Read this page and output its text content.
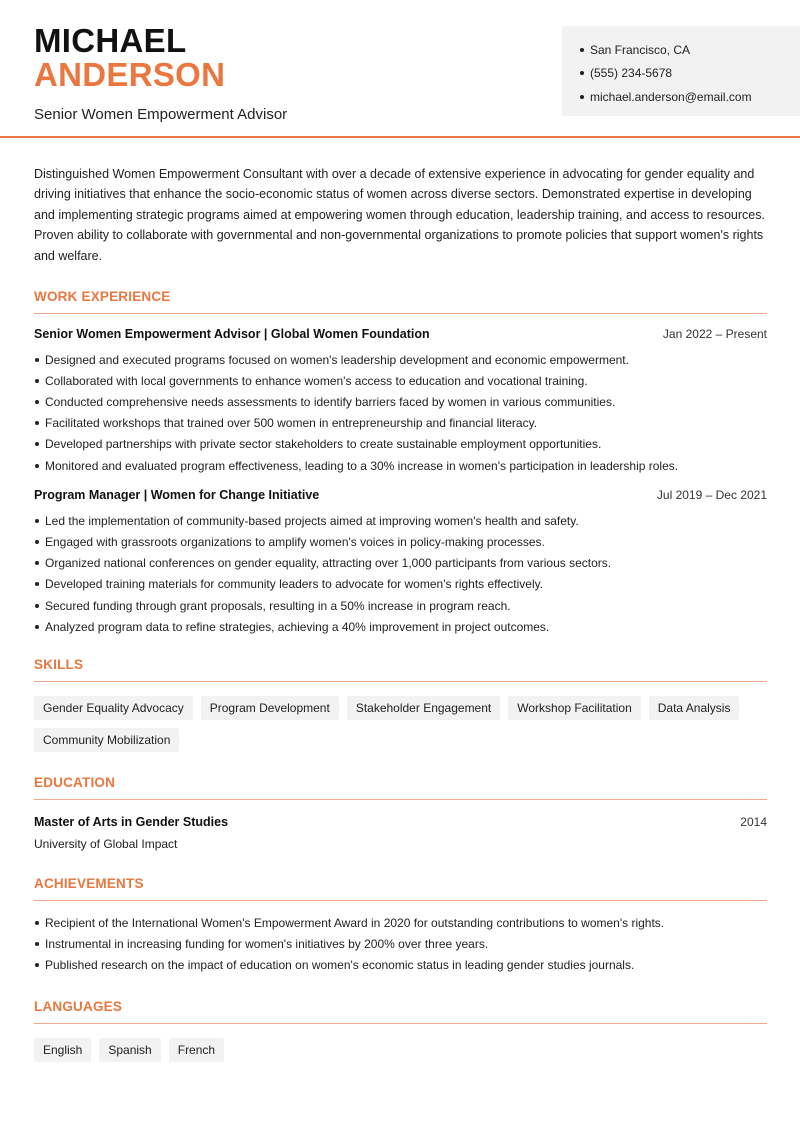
MICHAEL
ANDERSON
Senior Women Empowerment Advisor
San Francisco, CA
(555) 234-5678
michael.anderson@email.com

Distinguished Women Empowerment Consultant with over a decade of extensive experience in advocating for gender equality and driving initiatives that enhance the socio-economic status of women across diverse sectors. Demonstrated expertise in developing and implementing strategic programs aimed at empowering women through education, leadership training, and access to resources. Proven ability to collaborate with governmental and non-governmental organizations to promote policies that support women's rights and welfare.

WORK EXPERIENCE
Senior Women Empowerment Advisor | Global Women Foundation	Jan 2022 – Present
Designed and executed programs focused on women's leadership development and economic empowerment.
Collaborated with local governments to enhance women's access to education and vocational training.
Conducted comprehensive needs assessments to identify barriers faced by women in various communities.
Facilitated workshops that trained over 500 women in entrepreneurship and financial literacy.
Developed partnerships with private sector stakeholders to create sustainable employment opportunities.
Monitored and evaluated program effectiveness, leading to a 30% increase in women's participation in leadership roles.
Program Manager | Women for Change Initiative	Jul 2019 – Dec 2021
Led the implementation of community-based projects aimed at improving women's health and safety.
Engaged with grassroots organizations to amplify women's voices in policy-making processes.
Organized national conferences on gender equality, attracting over 1,000 participants from various sectors.
Developed training materials for community leaders to advocate for women's rights effectively.
Secured funding through grant proposals, resulting in a 50% increase in program reach.
Analyzed program data to refine strategies, achieving a 40% improvement in project outcomes.
SKILLS
Gender Equality Advocacy	Program Development	Stakeholder Engagement	Workshop Facilitation	Data Analysis
Community Mobilization
EDUCATION
Master of Arts in Gender Studies	2014
University of Global Impact
ACHIEVEMENTS
Recipient of the International Women's Empowerment Award in 2020 for outstanding contributions to women's rights.
Instrumental in increasing funding for women's initiatives by 200% over three years.
Published research on the impact of education on women's economic status in leading gender studies journals.
LANGUAGES
English	Spanish	French
